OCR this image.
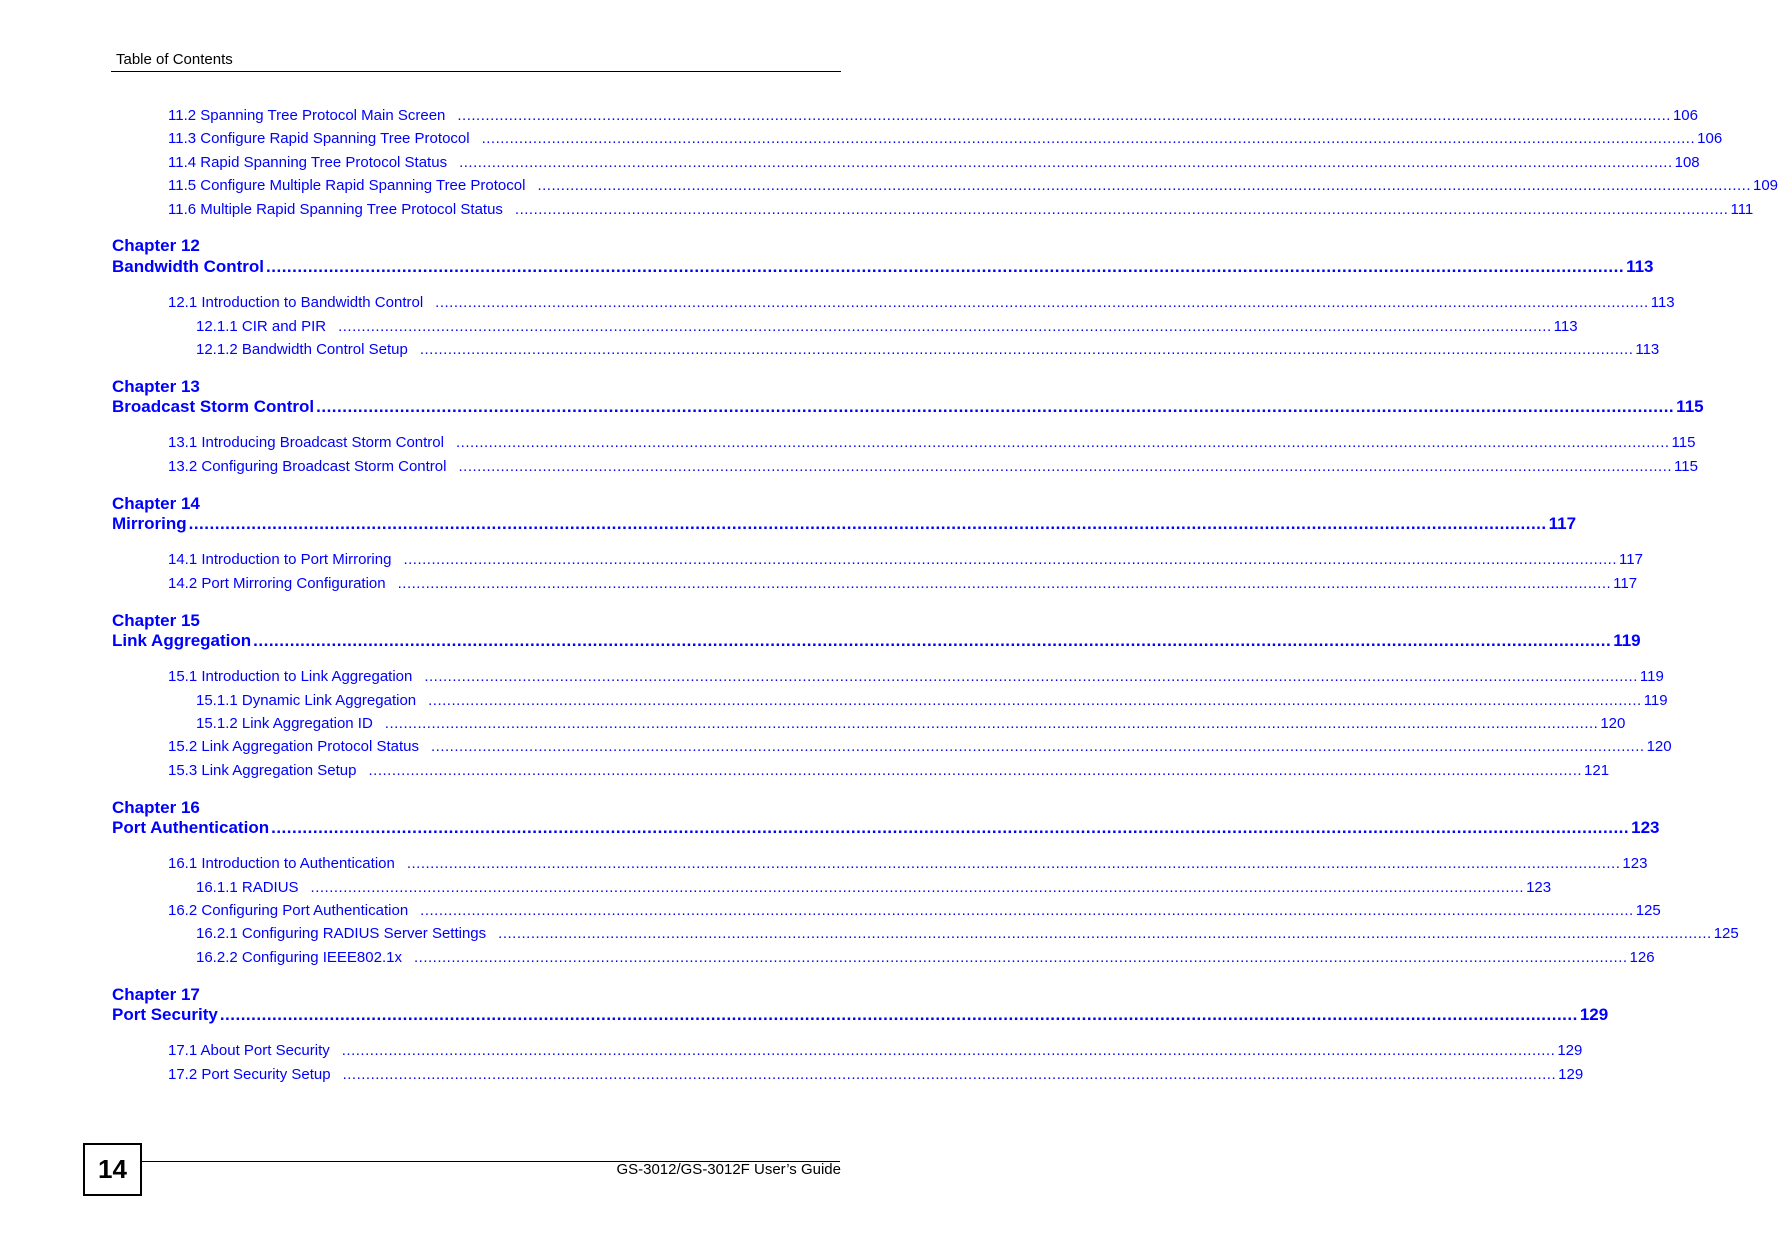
Table of Contents
11.2 Spanning Tree Protocol Main Screen .................................................................................................................................................................................................................................................................... 106
11.3 Configure Rapid Spanning Tree Protocol .................................................................................................................................................................................................................................................................... 106
11.4 Rapid Spanning Tree Protocol Status .................................................................................................................................................................................................................................................................... 108
11.5 Configure Multiple Rapid Spanning Tree Protocol .................................................................................................................................................................................................................................................................... 109
11.6 Multiple Rapid Spanning Tree Protocol Status .................................................................................................................................................................................................................................................................... 111
Chapter 12
Bandwidth Control .................................................................................................................................................................................................................................................................... 113
12.1 Introduction to Bandwidth Control .................................................................................................................................................................................................................................................................... 113
12.1.1 CIR and PIR .................................................................................................................................................................................................................................................................... 113
12.1.2 Bandwidth Control Setup .................................................................................................................................................................................................................................................................... 113
Chapter 13
Broadcast Storm Control .................................................................................................................................................................................................................................................................... 115
13.1 Introducing Broadcast Storm Control .................................................................................................................................................................................................................................................................... 115
13.2 Configuring Broadcast Storm Control .................................................................................................................................................................................................................................................................... 115
Chapter 14
Mirroring .................................................................................................................................................................................................................................................................... 117
14.1 Introduction to Port Mirroring .................................................................................................................................................................................................................................................................... 117
14.2 Port Mirroring Configuration .................................................................................................................................................................................................................................................................... 117
Chapter 15
Link Aggregation .................................................................................................................................................................................................................................................................... 119
15.1 Introduction to Link Aggregation .................................................................................................................................................................................................................................................................... 119
15.1.1 Dynamic Link Aggregation .................................................................................................................................................................................................................................................................... 119
15.1.2 Link Aggregation ID .................................................................................................................................................................................................................................................................... 120
15.2 Link Aggregation Protocol Status .................................................................................................................................................................................................................................................................... 120
15.3 Link Aggregation Setup .................................................................................................................................................................................................................................................................... 121
Chapter 16
Port Authentication .................................................................................................................................................................................................................................................................... 123
16.1 Introduction to Authentication .................................................................................................................................................................................................................................................................... 123
16.1.1 RADIUS .................................................................................................................................................................................................................................................................... 123
16.2 Configuring Port Authentication .................................................................................................................................................................................................................................................................... 125
16.2.1 Configuring RADIUS Server Settings .................................................................................................................................................................................................................................................................... 125
16.2.2 Configuring IEEE802.1x .................................................................................................................................................................................................................................................................... 126
Chapter 17
Port Security .................................................................................................................................................................................................................................................................... 129
17.1 About Port Security .................................................................................................................................................................................................................................................................... 129
17.2 Port Security Setup .................................................................................................................................................................................................................................................................... 129
14	GS-3012/GS-3012F User’s Guide
